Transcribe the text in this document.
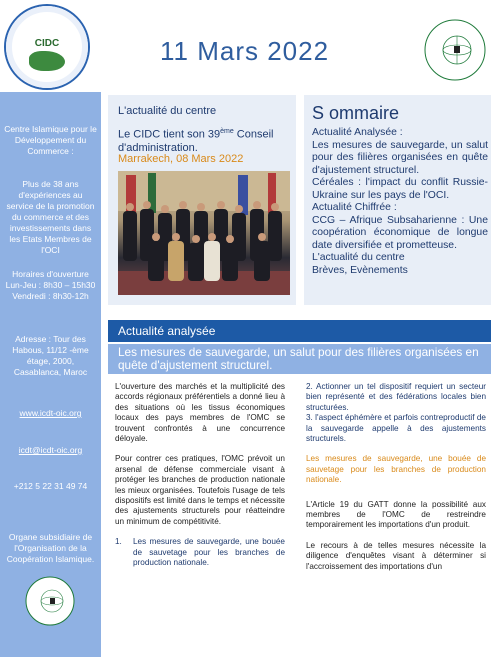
CIDC	11 Mars 2022
Centre Islamique pour le Développement du Commerce :
Plus de 38 ans d'expériences au service de la promotion du commerce et des investissements dans les Etats Membres de l'OCI
Horaires d'ouverture
Lun-Jeu : 8h30 – 15h30
Vendredi : 8h30-12h
Adresse : Tour des Habous, 11/12 -ème étage, 2000, Casablanca, Maroc
www.icdt-oic.org
icdt@icdt-oic.org
+212 5 22 31 49 74
Organe subsidiaire de l'Organisation de la Coopération Islamique.
L'actualité du centre
Le CIDC tient son 39ème Conseil d'administration.
Marrakech, 08 Mars 2022
S ommaire
Actualité Analysée :
Les mesures de sauvegarde, un salut pour des filières organisées en quête d'ajustement structurel.
Céréales : l'impact du conflit Russie-Ukraine sur les pays de l'OCI.
Actualité Chiffrée :
CCG – Afrique Subsaharienne : Une coopération économique de longue date diversifiée et prometteuse.
L'actualité du centre
Brèves, Evènements
Actualité analysée
Les mesures de sauvegarde, un salut pour des filières organisées en quête d'ajustement structurel.

L'ouverture des marchés et la multiplicité des accords régionaux préférentiels a donné lieu à des situations où les tissus économiques locaux des pays membres de l'OMC se trouvent confrontés à une concurrence déloyale.

Pour contrer ces pratiques, l'OMC prévoit un arsenal de défense commerciale visant à protéger les branches de production nationale les mieux organisées. Toutefois l'usage de tels dispositifs est limité dans le temps et nécessite des ajustements structurels pour réatteindre un minimum de compétitivité.

1.	Les mesures de sauvegarde, une bouée de sauvetage pour les branches de production nationale.

2. Actionner un tel dispositif requiert un secteur bien représenté et des fédérations locales bien structurées.

3. l'aspect éphémère et parfois contreproductif de la sauvegarde appelle à des ajustements structurels.

Les mesures de sauvegarde, une bouée de sauvetage pour les branches de production nationale.

L'Article 19 du GATT donne la possibilité aux membres de l'OMC de restreindre temporairement les importations d'un produit.

Le recours à de telles mesures nécessite la diligence d'enquêtes visant à déterminer si l'accroissement des importations d'un
